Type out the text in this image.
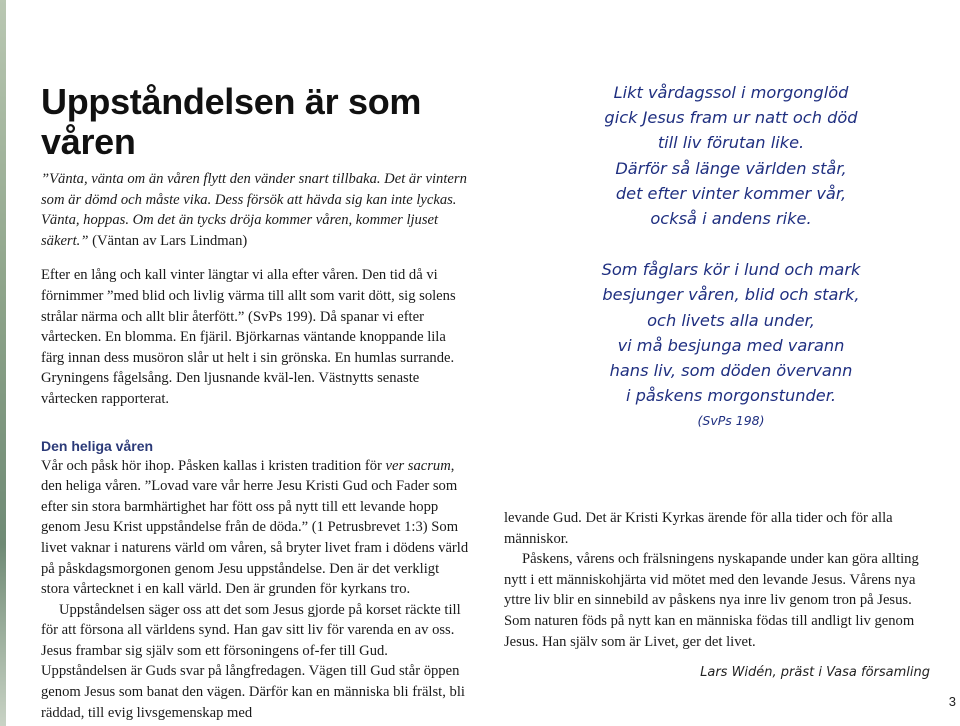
Uppståndelsen är som våren

”Vänta, vänta om än våren flytt den vänder snart tillbaka. Det är vintern som är dömd och måste vika. Dess försök att hävda sig kan inte lyckas. Vänta, hoppas. Om det än tycks dröja kommer våren, kommer ljuset säkert.” (Väntan av Lars Lindman)

Efter en lång och kall vinter längtar vi alla efter våren. Den tid då vi förnimmer ”med blid och livlig värma till allt som varit dött, sig solens strålar närma och allt blir återfött.” (SvPs 199). Då spanar vi efter vårtecken. En blomma. En fjäril. Björkarnas väntande knoppande lila färg innan dess musöron slår ut helt i sin grönska. En humlas surrande. Gryningens fågelsång. Den ljusnande kväl-len. Västnytts senaste vårtecken rapporterat.

Den heliga våren

Vår och påsk hör ihop. Påsken kallas i kristen tradition för ver sacrum, den heliga våren. ”Lovad vare vår herre Jesu Kristi Gud och Fader som efter sin stora barmhärtighet har fött oss på nytt till ett levande hopp genom Jesu Krist uppståndelse från de döda.” (1 Petrusbrevet 1:3) Som livet vaknar i naturens värld om våren, så bryter livet fram i dödens värld på påskdagsmorgonen genom Jesu uppståndelse. Den är det verkligt stora vårtecknet i en kall värld. Den är grunden för kyrkans tro.

Uppståndelsen säger oss att det som Jesus gjorde på korset räckte till för att försona all världens synd. Han gav sitt liv för varenda en av oss. Jesus frambar sig själv som ett försoningens of-fer till Gud. Uppståndelsen är Guds svar på långfredagen. Vägen till Gud står öppen genom Jesus som banat den vägen. Därför kan en människa bli frälst, bli räddad, till evig livsgemenskap med

Likt vårdagssol i morgonglöd
gick Jesus fram ur natt och död
till liv förutan like.
Därför så länge världen står,
det efter vinter kommer vår,
också i andens rike.
Som fåglars kör i lund och mark
besjunger våren, blid och stark,
och livets alla under,
vi må besjunga med varann
hans liv, som döden övervann
i påskens morgonstunder.
(SvPs 198)

levande Gud. Det är Kristi Kyrkas ärende för alla tider och för alla människor.

Påskens, vårens och frälsningens nyskapande under kan göra allting nytt i ett människohjärta vid mötet med den levande Jesus. Vårens nya yttre liv blir en sinnebild av påskens nya inre liv genom tron på Jesus. Som naturen föds på nytt kan en människa födas till andligt liv genom Jesus. Han själv som är Livet, ger det livet.

Lars Widén, präst i Vasa församling
3
